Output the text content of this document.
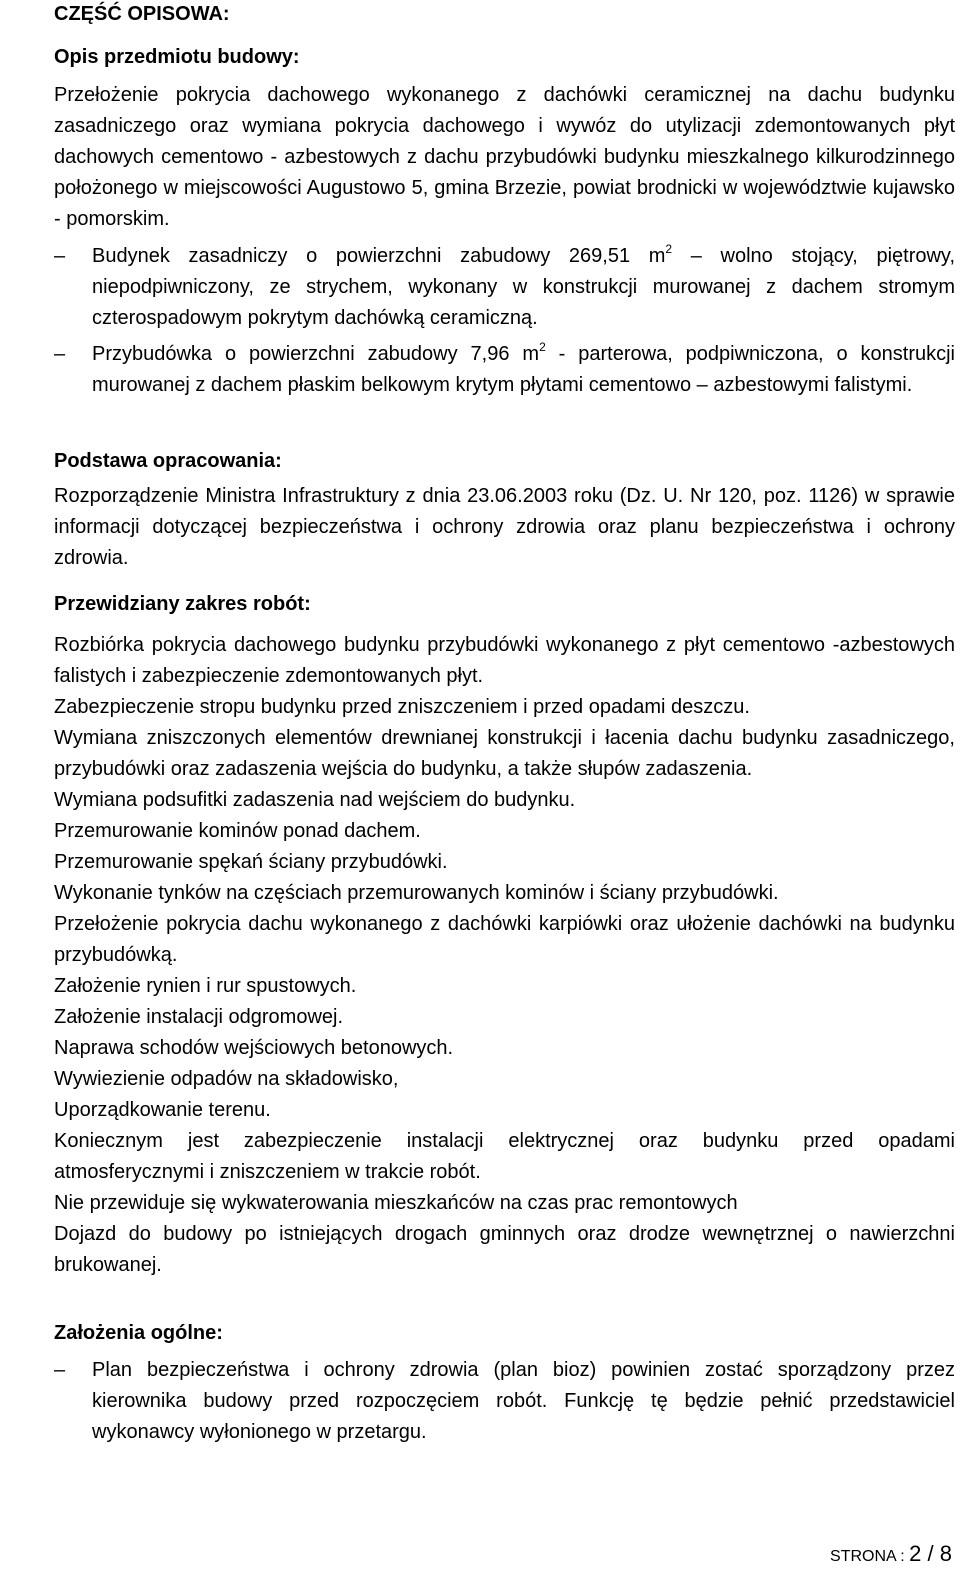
CZĘŚĆ OPISOWA:
Opis przedmiotu budowy:

Przełożenie pokrycia dachowego wykonanego z dachówki ceramicznej na dachu budynku zasadniczego oraz wymiana pokrycia dachowego i wywóz do utylizacji zdemontowanych płyt dachowych cementowo - azbestowych z dachu przybudówki budynku mieszkalnego kilkurodzinnego położonego w miejscowości Augustowo 5, gmina Brzezie, powiat brodnicki w województwie kujawsko - pomorskim.

–	Budynek zasadniczy o powierzchni zabudowy 269,51 $m^2$ – wolno stojący, piętrowy, niepodpiwniczony, ze strychem, wykonany w konstrukcji murowanej z dachem stromym czterospadowym pokrytym dachówką ceramiczną.
–	Przybudówka o powierzchni zabudowy 7,96 $m^2$ - parterowa, podpiwniczona, o konstrukcji murowanej z dachem płaskim belkowym krytym płytami cementowo – azbestowymi falistymi.
Podstawa opracowania:

Rozporządzenie Ministra Infrastruktury z dnia 23.06.2003 roku (Dz. U. Nr 120, poz. 1126) w sprawie informacji dotyczącej bezpieczeństwa i ochrony zdrowia oraz planu bezpieczeństwa i ochrony zdrowia.

Przewidziany zakres robót:

Rozbiórka pokrycia dachowego budynku przybudówki wykonanego z płyt cementowo -azbestowych falistych i zabezpieczenie zdemontowanych płyt.

Zabezpieczenie stropu budynku przed zniszczeniem i przed opadami deszczu.

Wymiana zniszczonych elementów drewnianej konstrukcji i łacenia dachu budynku zasadniczego, przybudówki oraz zadaszenia wejścia do budynku, a także słupów zadaszenia.

Wymiana podsufitki zadaszenia nad wejściem do budynku.

Przemurowanie kominów ponad dachem.

Przemurowanie spękań ściany przybudówki.

Wykonanie tynków na częściach przemurowanych kominów i ściany przybudówki.

Przełożenie pokrycia dachu wykonanego z dachówki karpiówki oraz ułożenie dachówki na budynku przybudówką.

Założenie rynien i rur spustowych.

Założenie instalacji odgromowej.

Naprawa schodów wejściowych betonowych.

Wywiezienie odpadów na składowisko,

Uporządkowanie terenu.

Koniecznym jest zabezpieczenie instalacji elektrycznej oraz budynku przed opadami atmosferycznymi i zniszczeniem w trakcie robót.

Nie przewiduje się wykwaterowania mieszkańców na czas prac remontowych

Dojazd do budowy po istniejących drogach gminnych oraz drodze wewnętrznej o nawierzchni brukowanej.

Założenia ogólne:
–	Plan bezpieczeństwa i ochrony zdrowia (plan bioz) powinien zostać sporządzony przez kierownika budowy przed rozpoczęciem robót. Funkcję tę będzie pełnić przedstawiciel wykonawcy wyłonionego w przetargu.
STRONA : 2 / 8
